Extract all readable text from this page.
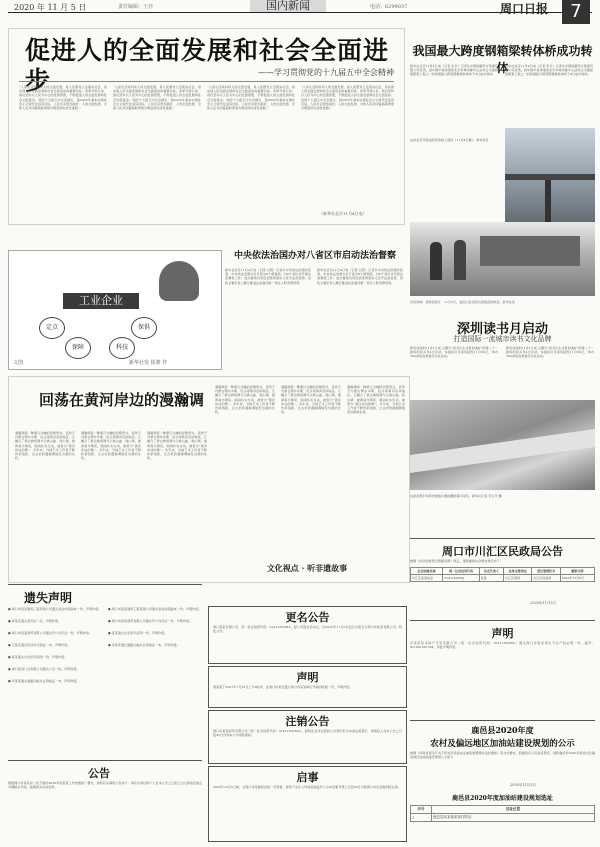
2020 年 11 月 5 日	责任编辑：王亦	国内新闻	电话：6299037	周口日报	7
促进人的全面发展和社会全面进步	——学习贯彻党的十九届五中全会精神
“人是生活资料和人的全面发展，是人民群众立足现实社会，是实现人的全面发展和社会全面进步的重要目标。改革开放以来，我们坚持以人民为中心的发展思想，不断促进人的全面发展和社会全面进步。党的十九届五中全会提出，到2035年基本实现社会主义现代化远景目标，人民生活更加美好，人的全面发展、全体人民共同富裕取得更为明显的实质性进展。”
“人是生活资料和人的全面发展，是人民群众立足现实社会，是实现人的全面发展和社会全面进步的重要目标。改革开放以来，我们坚持以人民为中心的发展思想，不断促进人的全面发展和社会全面进步。党的十九届五中全会提出，到2035年基本实现社会主义现代化远景目标，人民生活更加美好，人的全面发展、全体人民共同富裕取得更为明显的实质性进展。”
“人是生活资料和人的全面发展，是人民群众立足现实社会，是实现人的全面发展和社会全面进步的重要目标。改革开放以来，我们坚持以人民为中心的发展思想，不断促进人的全面发展和社会全面进步。党的十九届五中全会提出，到2035年基本实现社会主义现代化远景目标，人民生活更加美好，人的全面发展、全体人民共同富裕取得更为明显的实质性进展。”
“人是生活资料和人的全面发展，是人民群众立足现实社会，是实现人的全面发展和社会全面进步的重要目标。改革开放以来，我们坚持以人民为中心的发展思想，不断促进人的全面发展和社会全面进步。党的十九届五中全会提出，到2035年基本实现社会主义现代化远景目标，人民生活更加美好，人的全面发展、全体人民共同富裕取得更为明显的实质性进展。”
（新华社北京11月4日电）
我国最大跨度钢箱梁转体桥成功转体
新华社北京11月4日电（记者 张乐）记者从中国铁路设计集团有限公司获悉，由中国中铁承建的北京市城市副中心站综合交通枢纽配套工程之一的我国最大跨度钢箱梁转体桥于4日成功转体。
新华社北京11月4日电（记者 张乐）记者从中国铁路设计集团有限公司获悉，由中国中铁承建的北京市城市副中心站综合交通枢纽配套工程之一的我国最大跨度钢箱梁转体桥于4日成功转体。
这是北京西客站附近的施工现场（11月4日摄）。新华社发
河北故城：金秋收获忙　11月5日，农民们在田间运送收获的秋菜。新华社发
深圳读书月启动
打造国际一流城市读书文化品牌
新华社深圳11月4日电 主题为“读书让生活更加美好”的第二十一届深圳读书月4日启动。本届读书月将持续至11月30日，举办500余场各类阅读文化活动。
新华社深圳11月4日电 主题为“读书让生活更加美好”的第二十一届深圳读书月4日启动。本届读书月将持续至11月30日，举办500余场各类阅读文化活动。
中央依法治国办对八省区市启动法治督察
新华社北京11月4日电（记者 白阳）记者从中央依法治国办获悉，中央依法治国办近日派出8个督察组，对8个省区市开展法治督察工作。此次督察内容包括贯彻落实习近平法治思想、党政主要负责人履行推进法治建设第一责任人职责情况等。
新华社北京11月4日电（记者 白阳）记者从中央依法治国办获悉，中央依法治国办近日派出8个督察组，对8个省区市开展法治督察工作。此次督察内容包括贯彻落实习近平法治思想、党政主要负责人履行推进法治建设第一责任人职责情况等。
工业企业
定点
保障
保供
科技
文图	新华社发 徐骏 作
回荡在黄河岸边的漫瀚调
漫瀚调是一种蒙汉交融的民歌形式，流传于内蒙古鄂尔多斯、包头等黄河沿岸地区。它融合了蒙古族短调与汉族山曲、爬山调，旋律高亢嘹亮，唱词朴实生动，被誉为“黄河岸边的歌”。多年来，当地艺术工作者不断传承创新，让古老的漫瀚调焕发出新的生机。
漫瀚调是一种蒙汉交融的民歌形式，流传于内蒙古鄂尔多斯、包头等黄河沿岸地区。它融合了蒙古族短调与汉族山曲、爬山调，旋律高亢嘹亮，唱词朴实生动，被誉为“黄河岸边的歌”。多年来，当地艺术工作者不断传承创新，让古老的漫瀚调焕发出新的生机。
漫瀚调是一种蒙汉交融的民歌形式，流传于内蒙古鄂尔多斯、包头等黄河沿岸地区。它融合了蒙古族短调与汉族山曲、爬山调，旋律高亢嘹亮，唱词朴实生动，被誉为“黄河岸边的歌”。多年来，当地艺术工作者不断传承创新，让古老的漫瀚调焕发出新的生机。
漫瀚调是一种蒙汉交融的民歌形式，流传于内蒙古鄂尔多斯、包头等黄河沿岸地区。它融合了蒙古族短调与汉族山曲、爬山调，旋律高亢嘹亮，唱词朴实生动，被誉为“黄河岸边的歌”。多年来，当地艺术工作者不断传承创新，让古老的漫瀚调焕发出新的生机。
漫瀚调是一种蒙汉交融的民歌形式，流传于内蒙古鄂尔多斯、包头等黄河沿岸地区。它融合了蒙古族短调与汉族山曲、爬山调，旋律高亢嘹亮，唱词朴实生动，被誉为“黄河岸边的歌”。多年来，当地艺术工作者不断传承创新，让古老的漫瀚调焕发出新的生机。
漫瀚调是一种蒙汉交融的民歌形式，流传于内蒙古鄂尔多斯、包头等黄河沿岸地区。它融合了蒙古族短调与汉族山曲、爬山调，旋律高亢嘹亮，唱词朴实生动，被誉为“黄河岸边的歌”。多年来，当地艺术工作者不断传承创新，让古老的漫瀚调焕发出新的生机。
文化视点 · 听非遗故事
这是在鄂尔多斯市准格尔旗拍摄的黄河景色。新华社记者 李云平 摄
周口市川汇区民政局公告
根据《社会团体登记管理条例》规定，现将撤销社会团体登记如下：
社会团体名称	统一社会信用代码	法定代表人	业务主管单位	登记管理机关	撤销日期
川汇区某某协会	51411602MJ	张某	川汇区某局	川汇区民政局	2020年11月5日
2020年11月5日
遗失声明
● 周口市某某建筑工程有限公司遗失营业执照副本一份，声明作废。
● 李某某遗失身份证一张，声明作废。
● 周口市某某商贸有限公司遗失开户许可证一份，声明作废。
● 王某某遗失机动车行驶证一本，声明作废。
● 某某遗失出生医学证明一份，声明作废。
● 周口某某门业有限公司遗失公章一枚，声明作废。
● 李某某遗失道路运输从业资格证一本，声明作废。
● 周口市某某建筑工程有限公司遗失营业执照副本一份，声明作废。
● 周口市某某商贸有限公司遗失开户许可证一份，声明作废。
● 某某遗失出生医学证明一份，声明作废。
● 李某某遗失道路运输从业资格证一本，声明作废。
公告
根据周口市某某局《关于做好2020年度某某工作的通知》要求，现将有关事项公告如下：请有关单位和个人自本公告之日起七日内到指定地点办理相关手续，逾期视为自动放弃。
更名公告
周口某某有限公司，统一社会信用代码：91411602MA，经公司股东会决议，自2020年11月5日起正式更名为周口市某某有限公司。特此公告。
声明
周某某于2007年7月16日上午9时许，在周口市某处遗失周口市某某单位开具的收据一份，声明作废。
注销公告
周口市某某商贸有限公司（统一社会信用代码：91411602MA），经股东会决议拟向公司登记机关申请注销登记，请债权人自本公告之日起45日内向本公司申报债权。
启事
2020年10月5日晚，在周口市某路段捡拾一名男婴，请孩子亲生父母或其他监护人自本启事刊登之日起60日内到周口市社会福利院认领。
声明
河南某某房地产开发有限公司（统一社会信用代码：91411600MA）遗失周口市某某项目不动产权证明一份，编号：411601001594，特此声明作废。
鹿邑县2020年度
农村及偏远地区加油站建设规划的公示
根据《河南省商务厅关于印发河南省成品油流通管理办法的通知》等文件要求，经鹿邑县人民政府研究，现将鹿邑县2020年度农村及偏远地区加油站建设规划公示如下：
2020年11月5日
鹿邑县2020年度加油站建设规划选址
序号	选址位置
1	鹿邑县某某镇某某村附近
